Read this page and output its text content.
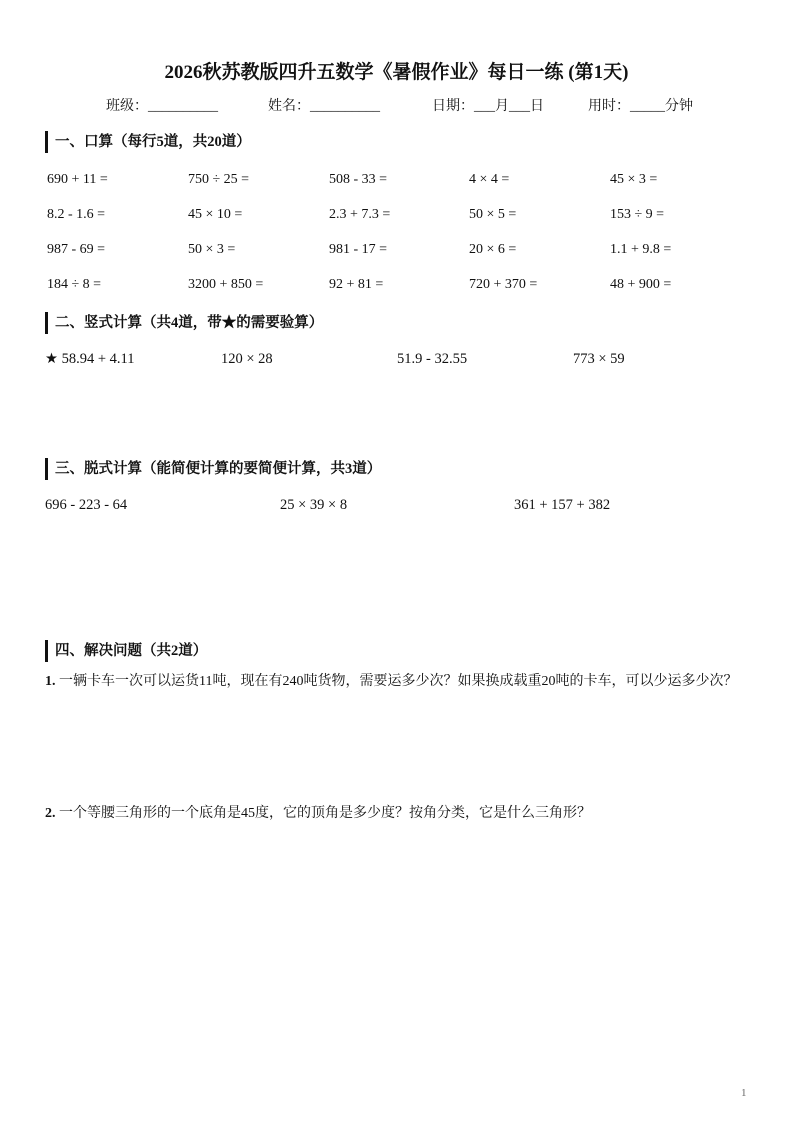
2026秋苏教版四升五数学《暑假作业》每日一练 (第1天)
班级：__________	姓名：__________	日期：___月___日	用时：_____分钟
一、口算（每行5道，共20道）
690 + 11 =	750 ÷ 25 =	508 - 33 =	4 × 4 =	45 × 3 =
8.2 - 1.6 =	45 × 10 =	2.3 + 7.3 =	50 × 5 =	153 ÷ 9 =
987 - 69 =	50 × 3 =	981 - 17 =	20 × 6 =	1.1 + 9.8 =
184 ÷ 8 =	3200 + 850 =	92 + 81 =	720 + 370 =	48 + 900 =
二、竖式计算（共4道，带★的需要验算）
★ 58.94 + 4.11	120 × 28	51.9 - 32.55	773 × 59
三、脱式计算（能简便计算的要简便计算，共3道）
696 - 223 - 64	25 × 39 × 8	361 + 157 + 382
四、解决问题（共2道）
1. 一辆卡车一次可以运货11吨，现在有240吨货物，需要运多少次？如果换成载重20吨的卡车，可以少运多少次？
2. 一个等腰三角形的一个底角是45度，它的顶角是多少度？按角分类，它是什么三角形？
1
